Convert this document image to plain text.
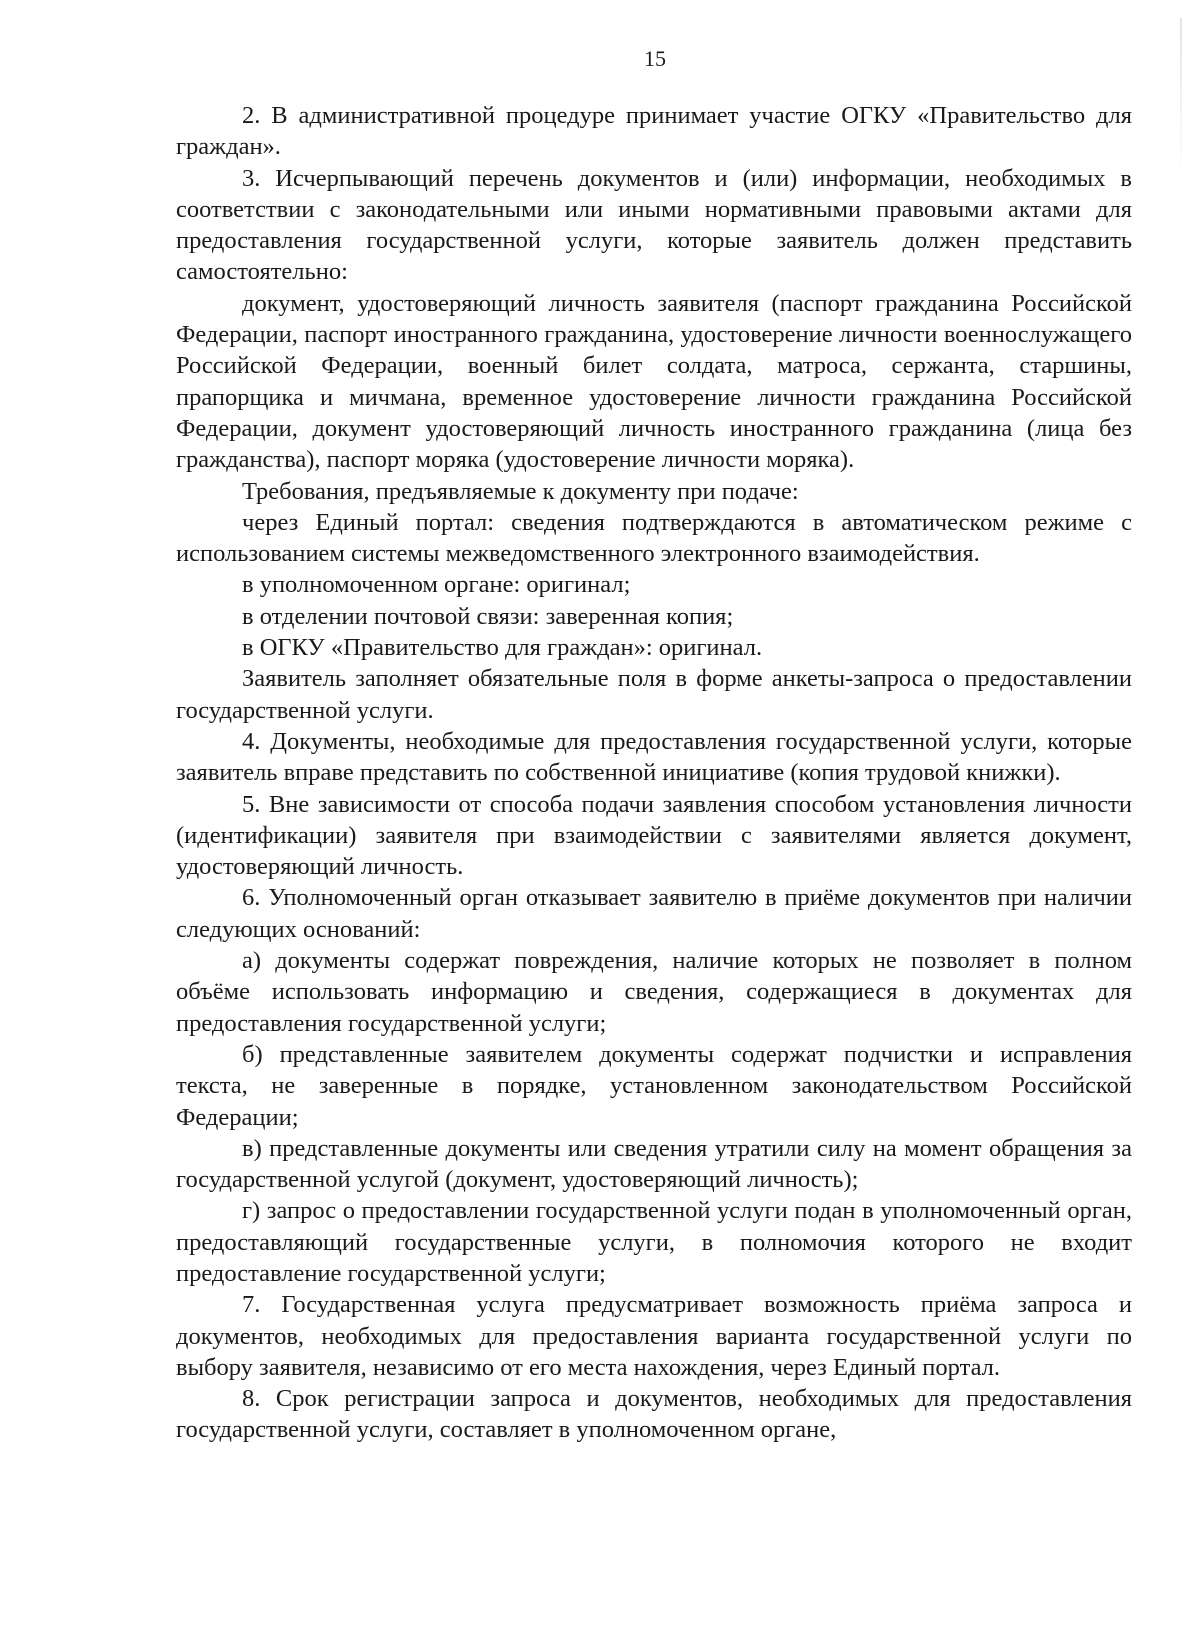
15

2. В административной процедуре принимает участие ОГКУ «Правительство для граждан».

3. Исчерпывающий перечень документов и (или) информации, необходимых в соответствии с законодательными или иными нормативными правовыми актами для предоставления государственной услуги, которые заявитель должен представить самостоятельно:

документ, удостоверяющий личность заявителя (паспорт гражданина Российской Федерации, паспорт иностранного гражданина, удостоверение личности военнослужащего Российской Федерации, военный билет солдата, матроса, сержанта, старшины, прапорщика и мичмана, временное удостоверение личности гражданина Российской Федерации, документ удостоверяющий личность иностранного гражданина (лица без гражданства), паспорт моряка (удостоверение личности моряка).

Требования, предъявляемые к документу при подаче:

через Единый портал: сведения подтверждаются в автоматическом режиме с использованием системы межведомственного электронного взаимодействия.

в уполномоченном органе: оригинал;

в отделении почтовой связи: заверенная копия;

в ОГКУ «Правительство для граждан»: оригинал.

Заявитель заполняет обязательные поля в форме анкеты-запроса о предоставлении государственной услуги.

4. Документы, необходимые для предоставления государственной услуги, которые заявитель вправе представить по собственной инициативе (копия трудовой книжки).

5. Вне зависимости от способа подачи заявления способом установления личности (идентификации) заявителя при взаимодействии с заявителями является документ, удостоверяющий личность.

6. Уполномоченный орган отказывает заявителю в приёме документов при наличии следующих оснований:

а) документы содержат повреждения, наличие которых не позволяет в полном объёме использовать информацию и сведения, содержащиеся в документах для предоставления государственной услуги;

б) представленные заявителем документы содержат подчистки и исправления текста, не заверенные в порядке, установленном законодательством Российской Федерации;

в) представленные документы или сведения утратили силу на момент обращения за государственной услугой (документ, удостоверяющий личность);

г) запрос о предоставлении государственной услуги подан в уполномоченный орган, предоставляющий государственные услуги, в полномочия которого не входит предоставление государственной услуги;

7. Государственная услуга предусматривает возможность приёма запроса и документов, необходимых для предоставления варианта государственной услуги по выбору заявителя, независимо от его места нахождения, через Единый портал.

8. Срок регистрации запроса и документов, необходимых для предоставления государственной услуги, составляет в уполномоченном органе,
